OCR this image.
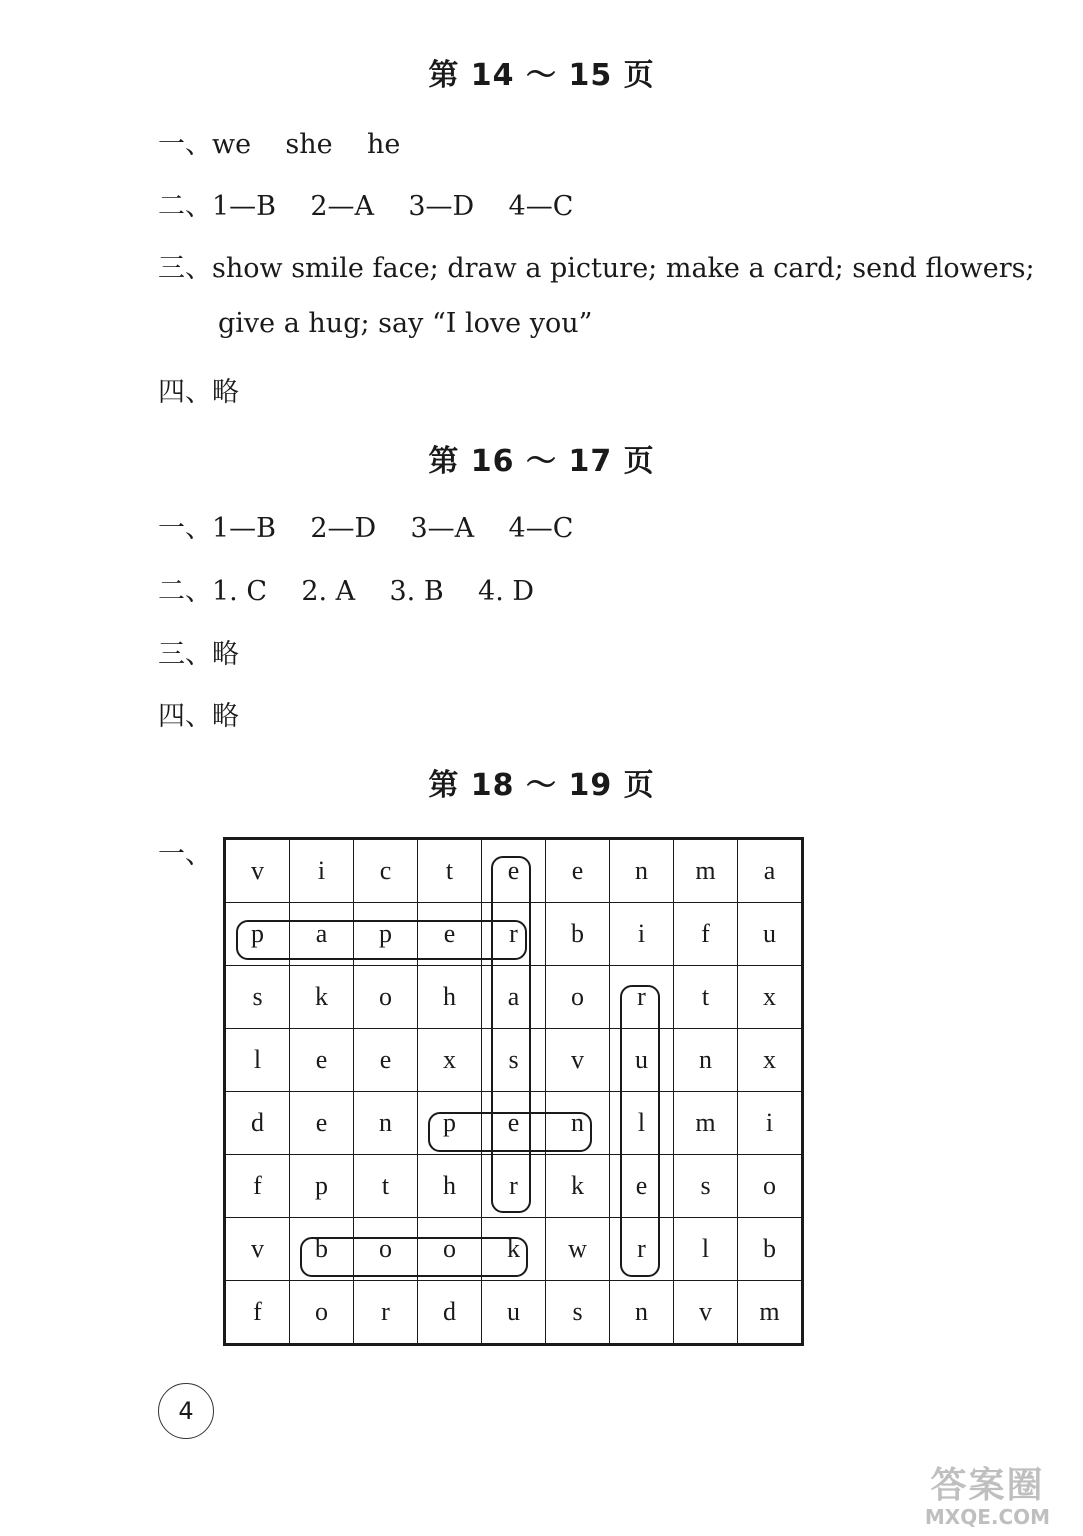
第 14 ～ 15 页
第 16 ～ 17 页
第 18 ～ 19 页
一、we    she    he
二、1—B    2—A    3—D    4—C
三、show smile face; draw a picture; make a card; send flowers;
give a hug; say “I love you”
四、略
一、1—B    2—D    3—A    4—C
二、1. C    2. A    3. B    4. D
三、略
四、略
一、
v	i	c	t	e	e	n	m	a
p	a	p	e	r	b	i	f	u
s	k	o	h	a	o	r	t	x
l	e	e	x	s	v	u	n	x
d	e	n	p	e	n	l	m	i
f	p	t	h	r	k	e	s	o
v	b	o	o	k	w	r	l	b
f	o	r	d	u	s	n	v	m
4
答案圈
MXQE.COM
